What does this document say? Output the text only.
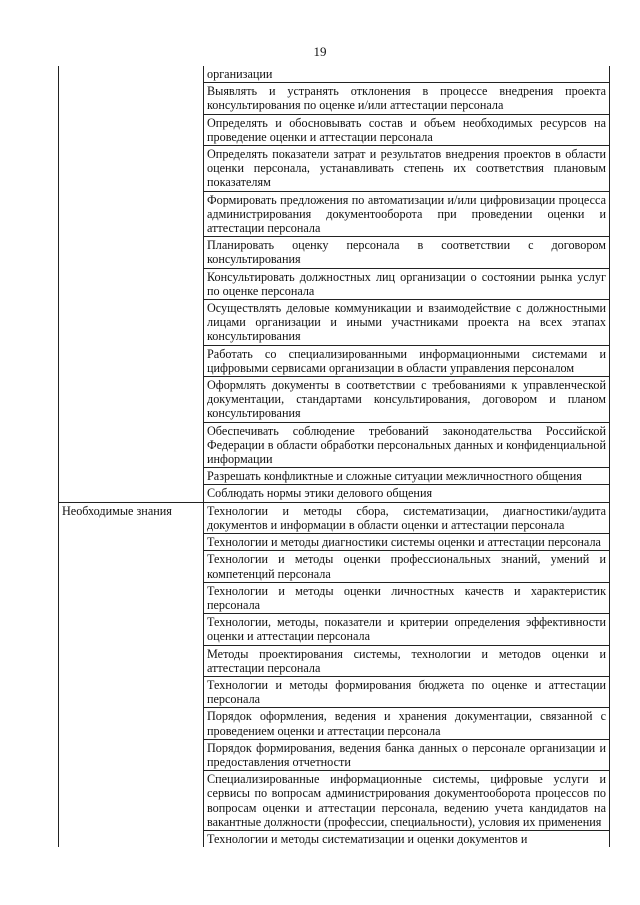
19
	организации
	Выявлять и устранять отклонения в процессе внедрения проекта консультирования по оценке и/или аттестации персонала
	Определять и обосновывать состав и объем необходимых ресурсов на проведение оценки и аттестации персонала
	Определять показатели затрат и результатов внедрения проектов в области оценки персонала, устанавливать степень их соответствия плановым показателям
	Формировать предложения по автоматизации и/или цифровизации процесса администрирования документооборота при проведении оценки и аттестации персонала
	Планировать оценку персонала в соответствии с договором консультирования
	Консультировать должностных лиц организации о состоянии рынка услуг по оценке персонала
	Осуществлять деловые коммуникации и взаимодействие с должностными лицами организации и иными участниками проекта на всех этапах консультирования
	Работать со специализированными информационными системами и цифровыми сервисами организации в области управления персоналом
	Оформлять документы в соответствии с требованиями к управленческой документации, стандартами консультирования, договором и планом консультирования
	Обеспечивать соблюдение требований законодательства Российской Федерации в области обработки персональных данных и конфиденциальной информации
	Разрешать конфликтные и сложные ситуации межличностного общения
	Соблюдать нормы этики делового общения
Необходимые знания	Технологии и методы сбора, систематизации, диагностики/аудита документов и информации в области оценки и аттестации персонала
	Технологии и методы диагностики системы оценки и аттестации персонала
	Технологии и методы оценки профессиональных знаний, умений и компетенций персонала
	Технологии и методы оценки личностных качеств и характеристик персонала
	Технологии, методы, показатели и критерии определения эффективности оценки и аттестации персонала
	Методы проектирования системы, технологии и методов оценки и аттестации персонала
	Технологии и методы формирования бюджета по оценке и аттестации персонала
	Порядок оформления, ведения и хранения документации, связанной с проведением оценки и аттестации персонала
	Порядок формирования, ведения банка данных о персонале организации и предоставления отчетности
	Специализированные информационные системы, цифровые услуги и сервисы по вопросам администрирования документооборота процессов по вопросам оценки и аттестации персонала, ведению учета кандидатов на вакантные должности (профессии, специальности), условия их применения
	Технологии и методы систематизации и оценки документов и
